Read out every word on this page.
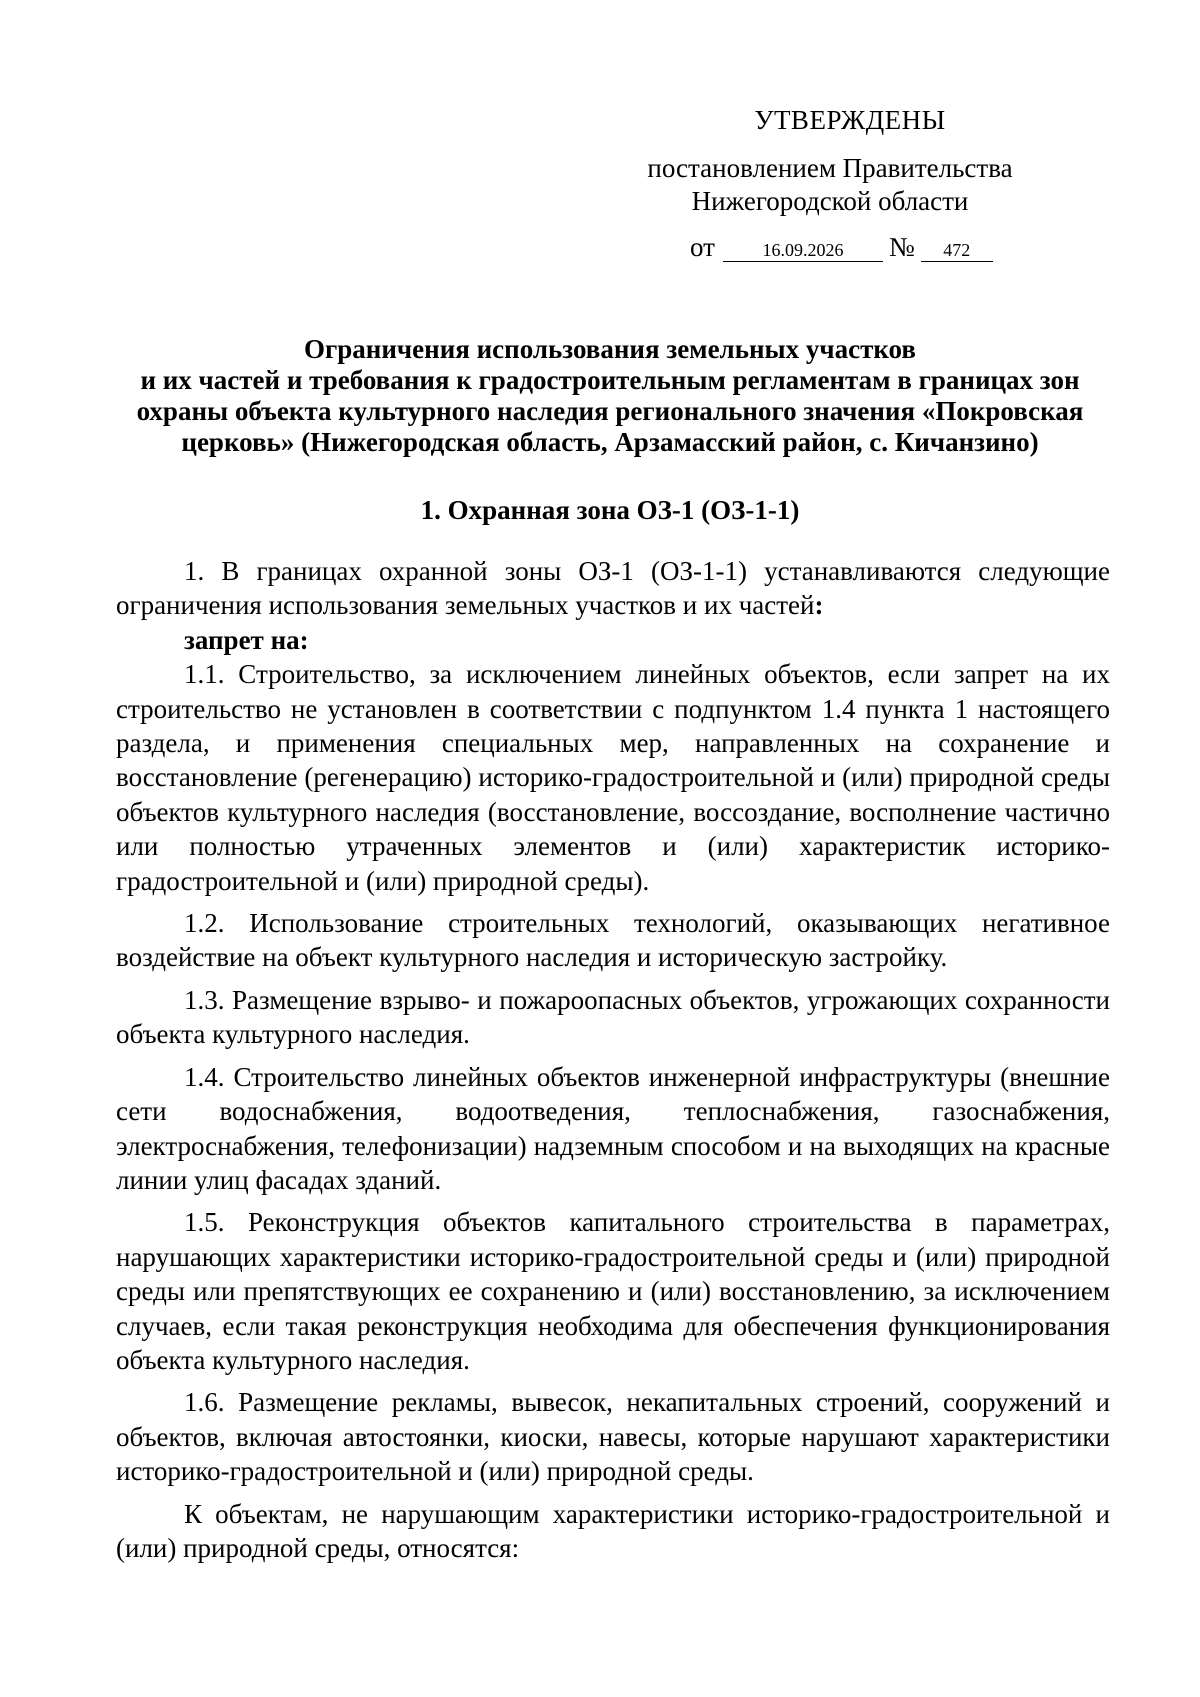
УТВЕРЖДЕНЫ
постановлением Правительства
Нижегородской области
от	16.09.2026 № 472
Ограничения использования земельных участков
и их частей и требования к градостроительным регламентам в границах зон
охраны объекта культурного наследия регионального значения «Покровская
церковь» (Нижегородская область, Арзамасский район, с. Кичанзино)
1. Охранная зона ОЗ-1 (ОЗ-1-1)

1. В границах охранной зоны ОЗ-1 (ОЗ-1-1) устанавливаются следующие ограничения использования земельных участков и их частей:

запрет на:

1.1. Строительство, за исключением линейных объектов, если запрет на их строительство не установлен в соответствии с подпунктом 1.4 пункта 1 настоящего раздела, и применения специальных мер, направленных на сохранение и восстановление (регенерацию) историко-градостроительной и (или) природной среды объектов культурного наследия (восстановление, воссоздание, восполнение частично или полностью утраченных элементов и (или) характеристик историко- градостроительной и (или) природной среды).

1.2. Использование строительных технологий, оказывающих негативное воздействие на объект культурного наследия и историческую застройку.

1.3. Размещение взрыво- и пожароопасных объектов, угрожающих сохранности объекта культурного наследия.

1.4. Строительство линейных объектов инженерной инфраструктуры (внешние сети водоснабжения, водоотведения, теплоснабжения, газоснабжения, электроснабжения, телефонизации) надземным способом и на выходящих на красные линии улиц фасадах зданий.

1.5. Реконструкция объектов капитального строительства в параметрах, нарушающих характеристики историко-градостроительной среды и (или) природной среды или препятствующих ее сохранению и (или) восстановлению, за исключением случаев, если такая реконструкция необходима для обеспечения функционирования объекта культурного наследия.

1.6. Размещение рекламы, вывесок, некапитальных строений, сооружений и объектов, включая автостоянки, киоски, навесы, которые нарушают характеристики историко-градостроительной и (или) природной среды.

К объектам, не нарушающим характеристики историко-градостроительной и (или) природной среды, относятся:
